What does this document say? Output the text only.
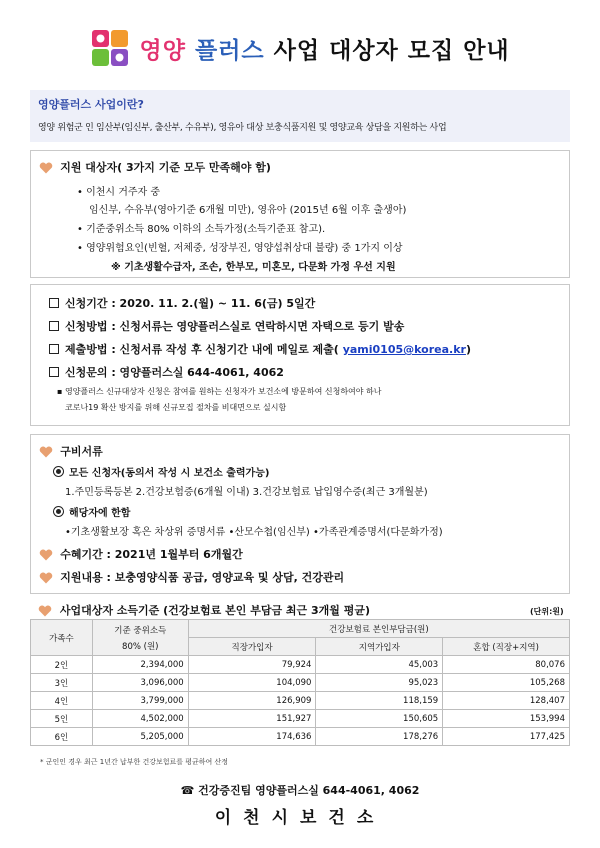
영양 플러스 사업 대상자 모집 안내
영양플러스 사업이란?
영양 위험군 인 임산부(임신부, 출산부, 수유부), 영유아 대상 보충식품지원 및 영양교육 상담을 지원하는 사업
지원 대상자( 3가지 기준 모두 만족해야 함)
• 이천시 거주자 중
임신부, 수유부(영아기준 6개월 미만), 영유아 (2015년 6월 이후 출생아)
• 기준중위소득 80% 이하의 소득가정(소득기준표 참고).
• 영양위험요인(빈혈, 저체중, 성장부진, 영양섭취상대 불량) 중 1가지 이상
※ 기초생활수급자, 조손, 한부모, 미혼모, 다문화 가정 우선 지원
신청기간 : 2020. 11. 2.(월) ~ 11. 6(금) 5일간
신청방법 : 신청서류는 영양플러스실로 연락하시면 자택으로 등기 발송
제출방법 : 신청서류 작성 후 신청기간 내에 메일로 제출( yami0105@korea.kr)
신청문의 : 영양플러스실 644-4061, 4062
▪ 영양플러스 신규대상자 신청은 참여를 원하는 신청자가 보건소에 방문하여 신청하여야 하나
코로나19 확산 방지를 위해 신규모집 절차를 비대면으로 실시함
구비서류
모든 신청자(동의서 작성 시 보건소 출력가능)
1.주민등록등본 2.건강보험증(6개월 이내) 3.건강보험료 납입영수증(최근 3개월분)
해당자에 한함
•기초생활보장 혹은 차상위 증명서류 •산모수첩(임신부) •가족관계증명서(다문화가정)
수혜기간 : 2021년 1월부터 6개월간
지원내용 : 보충영양식품 공급, 영양교육 및 상담, 건강관리
사업대상자 소득기준 (건강보험료 본인 부담금 최근 3개월 평균)	(단위:원)
가족수	기준 중위소득
80% (원)	건강보험료 본인부담금(원)		
		직장가입자	지역가입자	혼합 (직장+지역)
2인	2,394,000	79,924	45,003	80,076
3인	3,096,000	104,090	95,023	105,268
4인	3,799,000	126,909	118,159	128,407
5인	4,502,000	151,927	150,605	153,994
6인	5,205,000	174,636	178,276	177,425
* 군인인 경우 최근 1년간 납부한 건강보험료를 평균하여 산정
☎ 건강증진팀 영양플러스실 644-4061, 4062
이천시보건소
